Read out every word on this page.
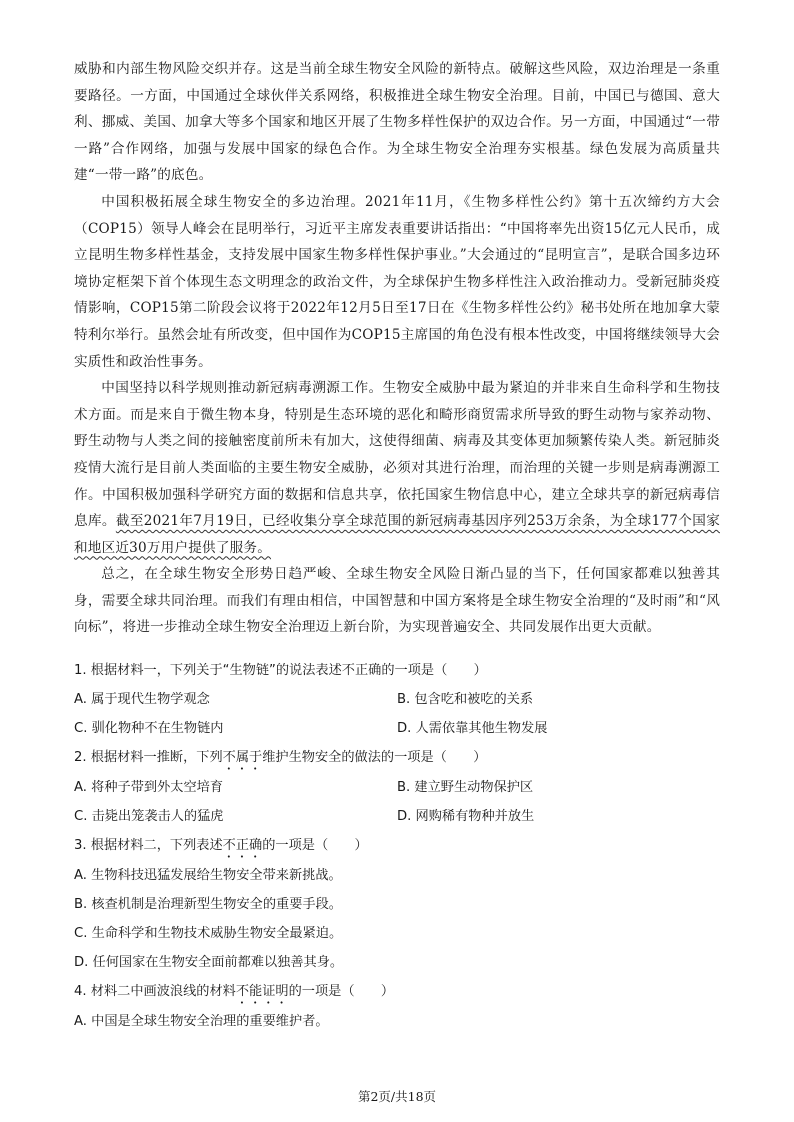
威胁和内部生物风险交织并存。这是当前全球生物安全风险的新特点。破解这些风险，双边治理是一条重要路径。一方面，中国通过全球伙伴关系网络，积极推进全球生物安全治理。目前，中国已与德国、意大利、挪威、美国、加拿大等多个国家和地区开展了生物多样性保护的双边合作。另一方面，中国通过“一带一路”合作网络，加强与发展中国家的绿色合作。为全球生物安全治理夯实根基。绿色发展为高质量共建“一带一路”的底色。

中国积极拓展全球生物安全的多边治理。2021年11月，《生物多样性公约》第十五次缔约方大会（COP15）领导人峰会在昆明举行，习近平主席发表重要讲话指出：“中国将率先出资15亿元人民币，成立昆明生物多样性基金，支持发展中国家生物多样性保护事业。”大会通过的“昆明宣言”，是联合国多边环境协定框架下首个体现生态文明理念的政治文件，为全球保护生物多样性注入政治推动力。受新冠肺炎疫情影响，COP15第二阶段会议将于2022年12月5日至17日在《生物多样性公约》秘书处所在地加拿大蒙特利尔举行。虽然会址有所改变，但中国作为COP15主席国的角色没有根本性改变，中国将继续领导大会实质性和政治性事务。

中国坚持以科学规则推动新冠病毒溯源工作。生物安全威胁中最为紧迫的并非来自生命科学和生物技术方面。而是来自于微生物本身，特别是生态环境的恶化和畸形商贸需求所导致的野生动物与家养动物、野生动物与人类之间的接触密度前所未有加大，这使得细菌、病毒及其变体更加频繁传染人类。新冠肺炎疫情大流行是目前人类面临的主要生物安全威胁，必须对其进行治理，而治理的关键一步则是病毒溯源工作。中国积极加强科学研究方面的数据和信息共享，依托国家生物信息中心，建立全球共享的新冠病毒信息库。截至2021年7月19日，已经收集分享全球范围的新冠病毒基因序列253万余条，为全球177个国家和地区近30万用户提供了服务。

总之，在全球生物安全形势日趋严峻、全球生物安全风险日渐凸显的当下，任何国家都难以独善其身，需要全球共同治理。而我们有理由相信，中国智慧和中国方案将是全球生物安全治理的“及时雨”和“风向标”，将进一步推动全球生物安全治理迈上新台阶，为实现普遍安全、共同发展作出更大贡献。

1. 根据材料一，下列关于“生物链”的说法表述不正确的一项是（　　）

A. 属于现代生物学观念	B. 包含吃和被吃的关系
C. 驯化物种不在生物链内	D. 人需依靠其他生物发展

2. 根据材料一推断，下列不属于维护生物安全的做法的一项是（　　）

A. 将种子带到外太空培育	B. 建立野生动物保护区
C. 击毙出笼袭击人的猛虎	D. 网购稀有物种并放生

3. 根据材料二，下列表述不正确的一项是（　　）

A. 生物科技迅猛发展给生物安全带来新挑战。

B. 核查机制是治理新型生物安全的重要手段。

C. 生命科学和生物技术威胁生物安全最紧迫。

D. 任何国家在生物安全面前都难以独善其身。

4. 材料二中画波浪线的材料不能证明的一项是（　　）

A. 中国是全球生物安全治理的重要维护者。

第2页/共18页
